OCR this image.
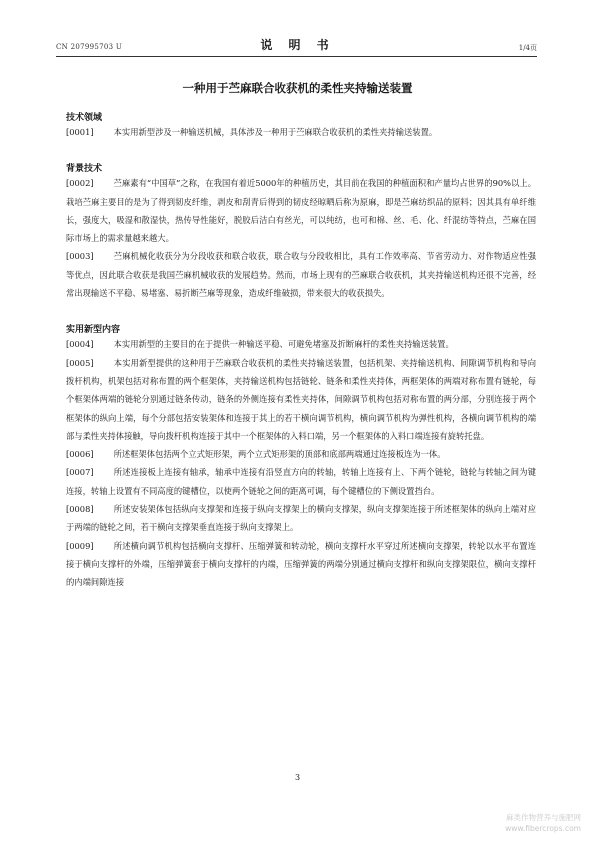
CN 207995703 U	说 明 书	1/4页
一种用于苎麻联合收获机的柔性夹持输送装置

技术领域

[0001] 本实用新型涉及一种输送机械，具体涉及一种用于苎麻联合收获机的柔性夹持输送装置。

背景技术

[0002] 苎麻素有“中国草”之称，在我国有着近5000年的种植历史，其目前在我国的种植面积和产量均占世界的90%以上。栽培苎麻主要目的是为了得到韧皮纤维，剥皮和刮青后得到的韧皮经晾晒后称为原麻，即是苎麻纺织品的原料；因其具有单纤维长，强度大，吸湿和散湿快，热传导性能好，脱胶后洁白有丝光，可以纯纺，也可和棉、丝、毛、化、纤混纺等特点，苎麻在国际市场上的需求量越来越大。

[0003] 苎麻机械化收获分为分段收获和联合收获，联合收与分段收相比，具有工作效率高、节省劳动力、对作物适应性强等优点，因此联合收获是我国苎麻机械收获的发展趋势。然而，市场上现有的苎麻联合收获机，其夹持输送机构还很不完善，经常出现输送不平稳、易堵塞、易折断苎麻等现象，造成纤维破损，带来很大的收获损失。

实用新型内容

[0004] 本实用新型的主要目的在于提供一种输送平稳、可避免堵塞及折断麻杆的柔性夹持输送装置。

[0005] 本实用新型提供的这种用于苎麻联合收获机的柔性夹持输送装置，包括机架、夹持输送机构、间隙调节机构和导向拨杆机构，机架包括对称布置的两个框架体，夹持输送机构包括链轮、链条和柔性夹持体，两框架体的两端对称布置有链轮，每个框架体两端的链轮分别通过链条传动，链条的外侧连接有柔性夹持体，间隙调节机构包括对称布置的两分部，分别连接于两个框架体的纵向上端，每个分部包括安装架体和连接于其上的若干横向调节机构，横向调节机构为弹性机构，各横向调节机构的端部与柔性夹持体接触，导向拨杆机构连接于其中一个框架体的入料口端，另一个框架体的入料口端连接有旋转托盘。

[0006] 所述框架体包括两个立式矩形架，两个立式矩形架的顶部和底部两端通过连接板连为一体。

[0007] 所述连接板上连接有轴承，轴承中连接有沿竖直方向的转轴，转轴上连接有上、下两个链轮，链轮与转轴之间为键连接，转轴上设置有不同高度的键槽位，以使两个链轮之间的距离可调，每个键槽位的下侧设置挡台。

[0008] 所述安装架体包括纵向支撑架和连接于纵向支撑架上的横向支撑架，纵向支撑架连接于所述框架体的纵向上端对应于两端的链轮之间，若干横向支撑架垂直连接于纵向支撑架上。

[0009] 所述横向调节机构包括横向支撑杆、压缩弹簧和转动轮，横向支撑杆水平穿过所述横向支撑架，转轮以水平布置连接于横向支撑杆的外端，压缩弹簧套于横向支撑杆的内端，压缩弹簧的两端分别通过横向支撑杆和纵向支撑架限位，横向支撑杆的内端间隙连接

3
麻类作物营养与施肥网
www.fibercrops.com
